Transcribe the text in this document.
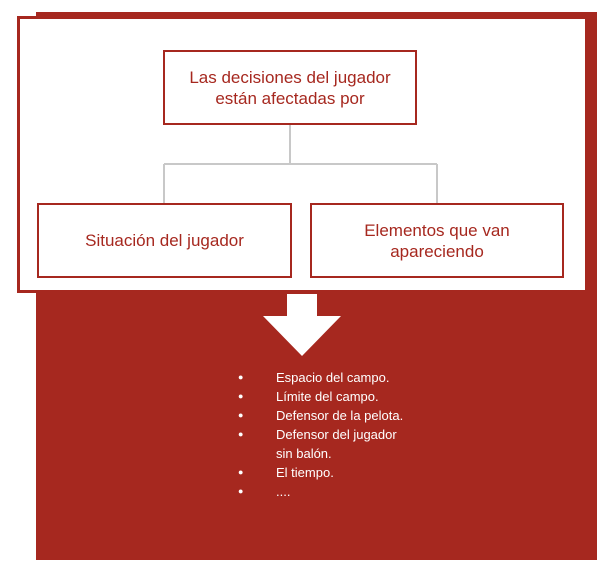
Las decisiones del jugador están afectadas por
Situación del jugador
Elementos que van apareciendo
● Espacio del campo.
● Límite del campo.
● Defensor de la pelota.
● Defensor del jugador sin balón.
● El tiempo.
● ....
